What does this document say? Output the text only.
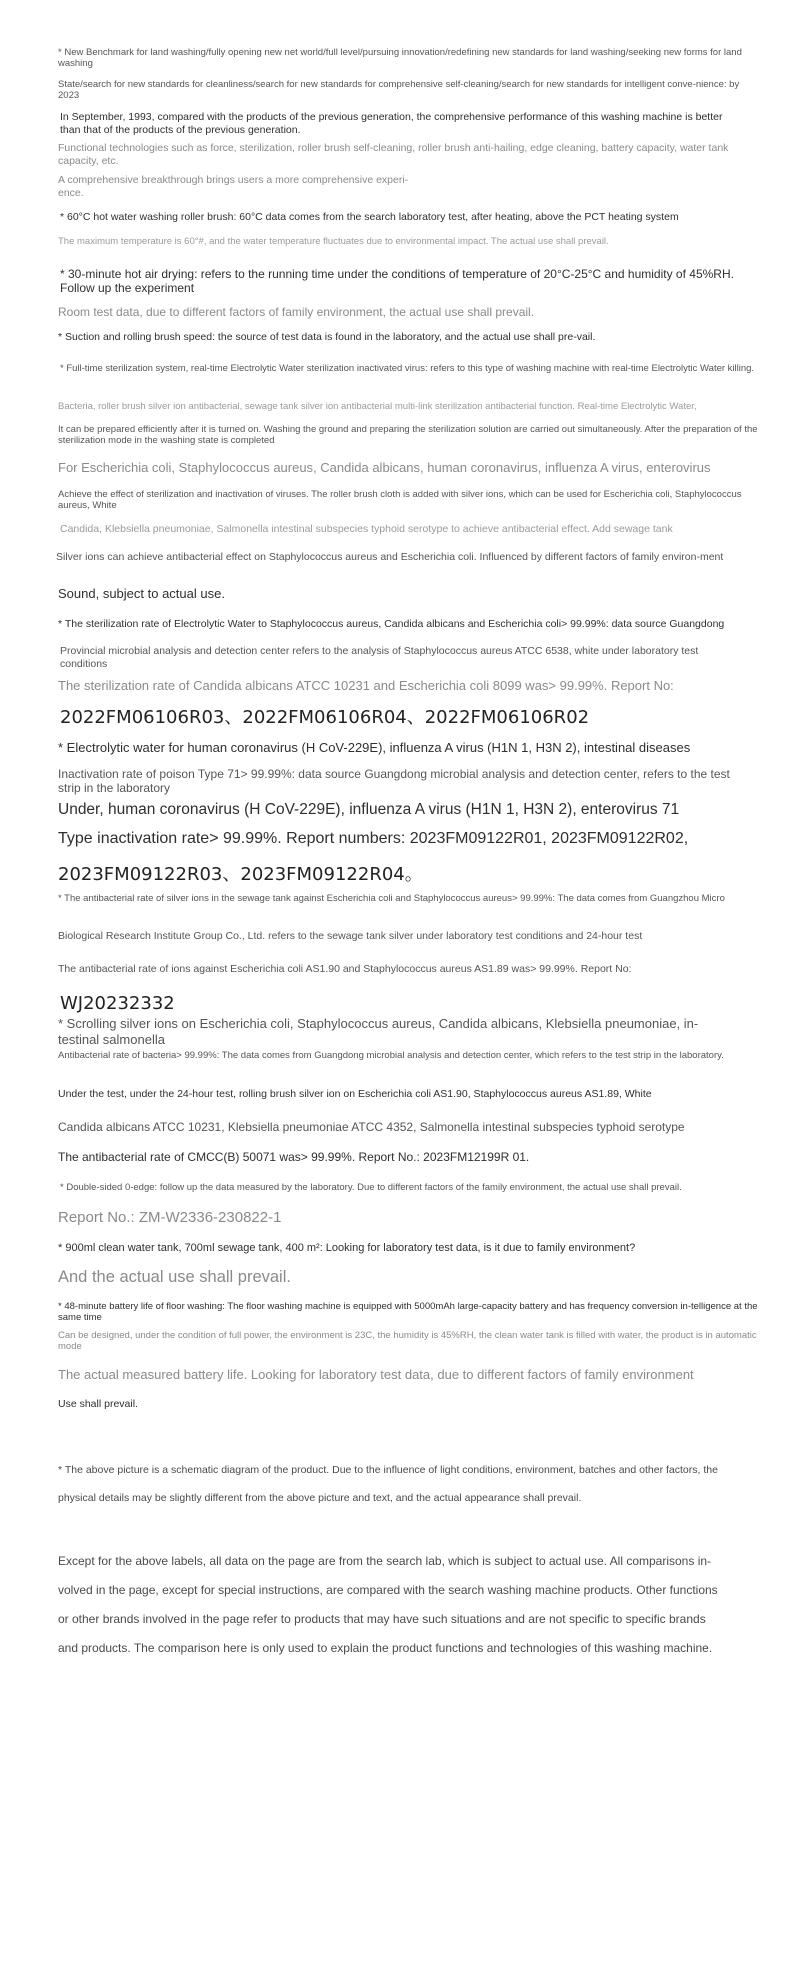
* New Benchmark for land washing/fully opening new net world/full level/pursuing innovation/redefining new standards for land washing/seeking new forms for land washing

State/search for new standards for cleanliness/search for new standards for comprehensive self-cleaning/search for new standards for intelligent conve-nience: by 2023

In September, 1993, compared with the products of the previous generation, the comprehensive performance of this washing machine is better than that of the products of the previous generation.

Functional technologies such as force, sterilization, roller brush self-cleaning, roller brush anti-hailing, edge cleaning, battery capacity, water tank capacity, etc.

A comprehensive breakthrough brings users a more comprehensive experi-ence.

* 60°C hot water washing roller brush: 60°C data comes from the search laboratory test, after heating, above the PCT heating system

The maximum temperature is 60°#, and the water temperature fluctuates due to environmental impact. The actual use shall prevail.

* 30-minute hot air drying: refers to the running time under the conditions of temperature of 20°C-25°C and humidity of 45%RH. Follow up the experiment

Room test data, due to different factors of family environment, the actual use shall prevail.

* Suction and rolling brush speed: the source of test data is found in the laboratory, and the actual use shall pre-vail.

* Full-time sterilization system, real-time Electrolytic Water sterilization inactivated virus: refers to this type of washing machine with real-time Electrolytic Water killing.

Bacteria, roller brush silver ion antibacterial, sewage tank silver ion antibacterial multi-link sterilization antibacterial function. Real-time Electrolytic Water,

It can be prepared efficiently after it is turned on. Washing the ground and preparing the sterilization solution are carried out simultaneously. After the preparation of the sterilization mode in the washing state is completed

For Escherichia coli, Staphylococcus aureus, Candida albicans, human coronavirus, influenza A virus, enterovirus

Achieve the effect of sterilization and inactivation of viruses. The roller brush cloth is added with silver ions, which can be used for Escherichia coli, Staphylococcus aureus, White

Candida, Klebsiella pneumoniae, Salmonella intestinal subspecies typhoid serotype to achieve antibacterial effect. Add sewage tank

Silver ions can achieve antibacterial effect on Staphylococcus aureus and Escherichia coli. Influenced by different factors of family environ-ment

Sound, subject to actual use.

* The sterilization rate of Electrolytic Water to Staphylococcus aureus, Candida albicans and Escherichia coli> 99.99%: data source Guangdong

Provincial microbial analysis and detection center refers to the analysis of Staphylococcus aureus ATCC 6538, white under laboratory test conditions

The sterilization rate of Candida albicans ATCC 10231 and Escherichia coli 8099 was> 99.99%. Report No:

2022FM06106R03、2022FM06106R04、2022FM06106R02

* Electrolytic water for human coronavirus (H CoV-229E), influenza A virus (H1N 1, H3N 2), intestinal diseases

Inactivation rate of poison Type 71> 99.99%: data source Guangdong microbial analysis and detection center, refers to the test strip in the laboratory

Under, human coronavirus (H CoV-229E), influenza A virus (H1N 1, H3N 2), enterovirus 71

Type inactivation rate> 99.99%. Report numbers: 2023FM09122R01, 2023FM09122R02,

2023FM09122R03、2023FM09122R04。

* The antibacterial rate of silver ions in the sewage tank against Escherichia coli and Staphylococcus aureus> 99.99%: The data comes from Guangzhou Micro

Biological Research Institute Group Co., Ltd. refers to the sewage tank silver under laboratory test conditions and 24-hour test

The antibacterial rate of ions against Escherichia coli AS1.90 and Staphylococcus aureus AS1.89 was> 99.99%. Report No:

WJ20232332

* Scrolling silver ions on Escherichia coli, Staphylococcus aureus, Candida albicans, Klebsiella pneumoniae, in-testinal salmonella

Antibacterial rate of bacteria> 99.99%: The data comes from Guangdong microbial analysis and detection center, which refers to the test strip in the laboratory.

Under the test, under the 24-hour test, rolling brush silver ion on Escherichia coli AS1.90, Staphylococcus aureus AS1.89, White

Candida albicans ATCC 10231, Klebsiella pneumoniae ATCC 4352, Salmonella intestinal subspecies typhoid serotype

The antibacterial rate of CMCC(B) 50071 was> 99.99%. Report No.: 2023FM12199R 01.

* Double-sided 0-edge: follow up the data measured by the laboratory. Due to different factors of the family environment, the actual use shall prevail.

Report No.: ZM-W2336-230822-1

* 900ml clean water tank, 700ml sewage tank, 400 m²: Looking for laboratory test data, is it due to family environment?

And the actual use shall prevail.

* 48-minute battery life of floor washing: The floor washing machine is equipped with 5000mAh large-capacity battery and has frequency conversion in-telligence at the same time

Can be designed, under the condition of full power, the environment is 23C, the humidity is 45%RH, the clean water tank is filled with water, the product is in automatic mode

The actual measured battery life. Looking for laboratory test data, due to different factors of family environment

Use shall prevail.

* The above picture is a schematic diagram of the product. Due to the influence of light conditions, environment, batches and other factors, the physical details may be slightly different from the above picture and text, and the actual appearance shall prevail.

Except for the above labels, all data on the page are from the search lab, which is subject to actual use. All comparisons in-volved in the page, except for special instructions, are compared with the search washing machine products. Other functions or other brands involved in the page refer to products that may have such situations and are not specific to specific brands and products. The comparison here is only used to explain the product functions and technologies of this washing machine.
